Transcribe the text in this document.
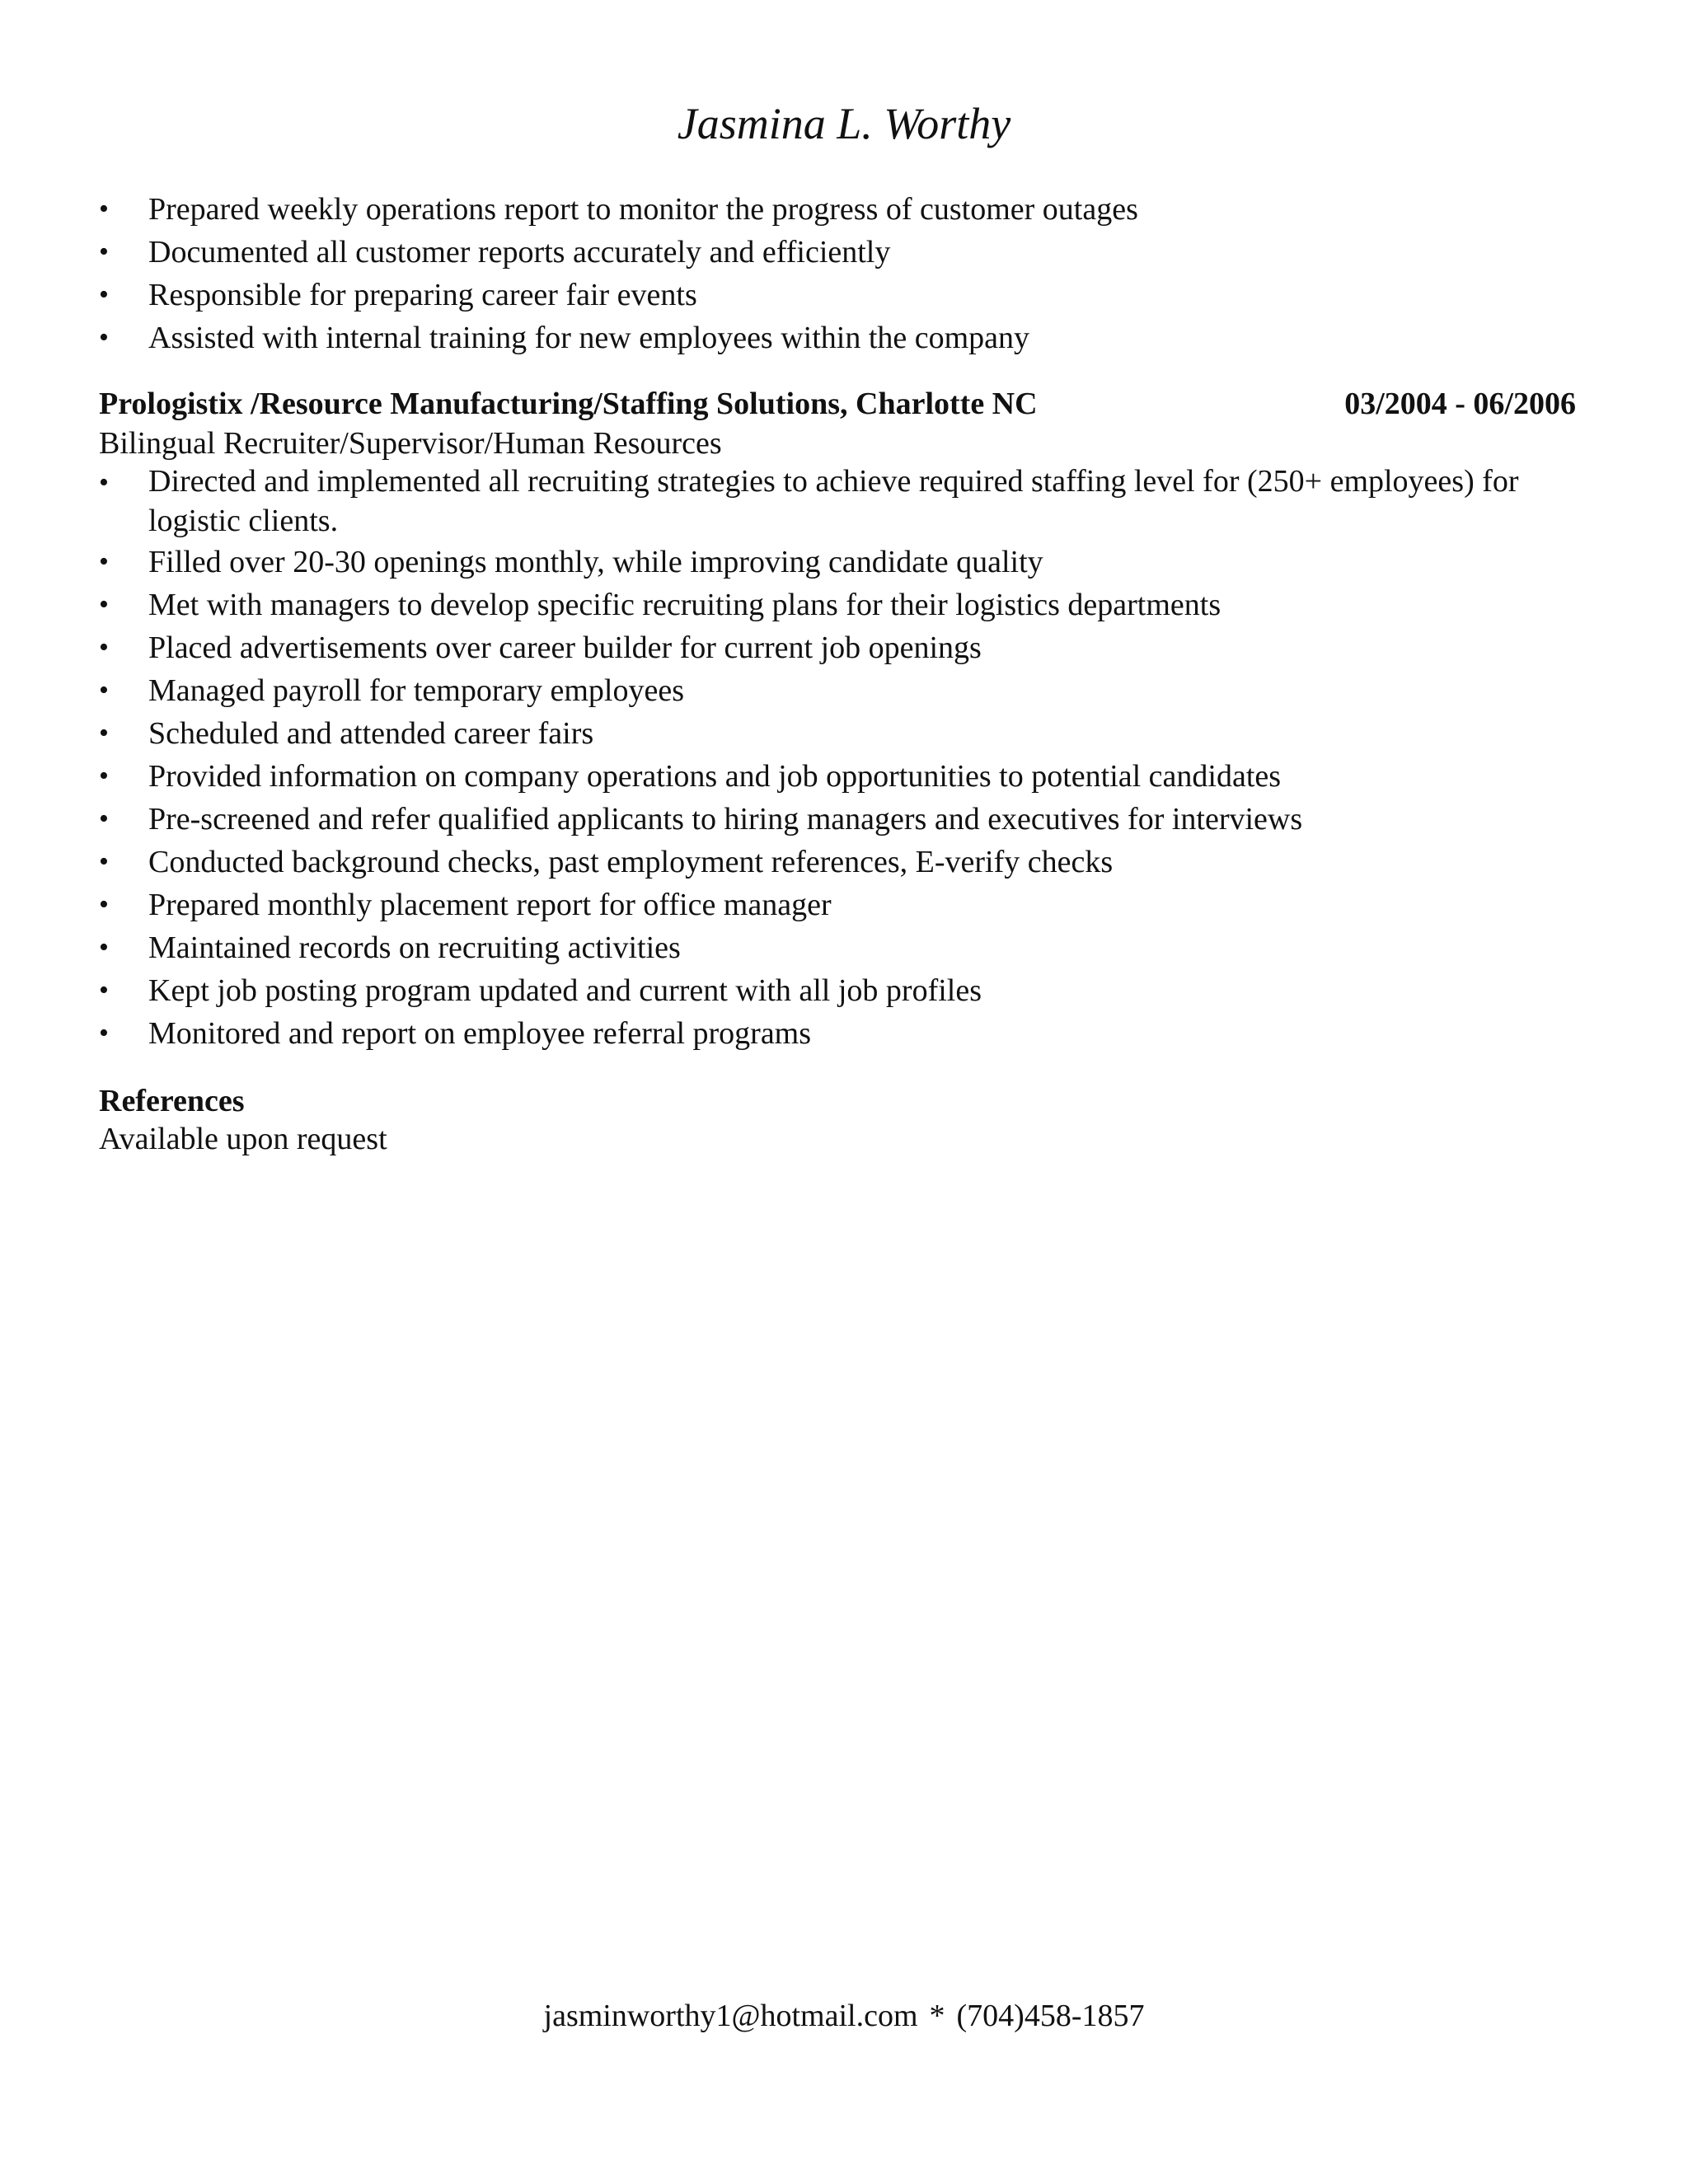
Jasmina L. Worthy
•	Prepared weekly operations report to monitor the progress of customer outages
•	Documented all customer reports accurately and efficiently
•	Responsible for preparing career fair events
•	Assisted with internal training for new employees within the company
Prologistix /Resource Manufacturing/Staffing Solutions, Charlotte NC	03/2004 - 06/2006
Bilingual Recruiter/Supervisor/Human Resources
•	Directed and implemented all recruiting strategies to achieve required staffing level for (250+ employees) for logistic clients.
•	Filled over 20-30 openings monthly, while improving candidate quality
•	Met with managers to develop specific recruiting plans for their logistics departments
•	Placed advertisements over career builder for current job openings
•	Managed payroll for temporary employees
•	Scheduled and attended career fairs
•	Provided information on company operations and job opportunities to potential candidates
•	Pre-screened and refer qualified applicants to hiring managers and executives for interviews
•	Conducted background checks, past employment references, E-verify checks
•	Prepared monthly placement report for office manager
•	Maintained records on recruiting activities
•	Kept job posting program updated and current with all job profiles
•	Monitored and report on employee referral programs
References
Available upon request
jasminworthy1@hotmail.com * (704)458-1857
